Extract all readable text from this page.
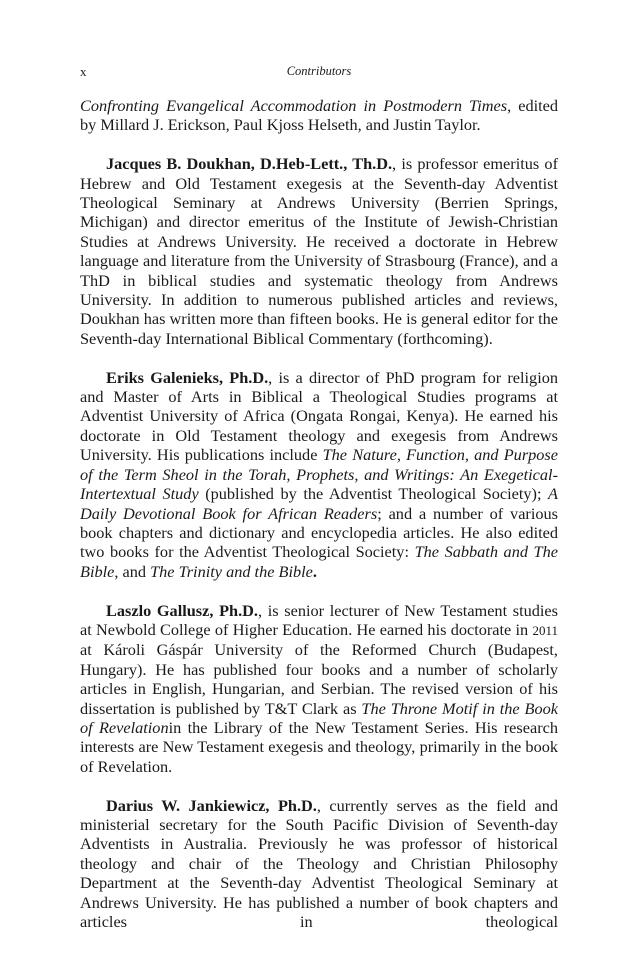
x	Contributors

Confronting Evangelical Accommodation in Postmodern Times, edited by Millard J. Erickson, Paul Kjoss Helseth, and Justin Taylor.

Jacques B. Doukhan, D.Heb-Lett., Th.D., is professor emeritus of Hebrew and Old Testament exegesis at the Seventh-day Adventist Theological Seminary at Andrews University (Berrien Springs, Michigan) and director emeritus of the Institute of Jewish-Christian Studies at Andrews University. He received a doctorate in Hebrew language and literature from the University of Strasbourg (France), and a ThD in biblical studies and systematic theology from Andrews University. In addition to numerous published articles and reviews, Doukhan has written more than fifteen books. He is general editor for the Seventh-day International Biblical Commentary (forthcoming).

Eriks Galenieks, Ph.D., is a director of PhD program for religion and Master of Arts in Biblical a Theological Studies programs at Adventist University of Africa (Ongata Rongai, Kenya). He earned his doctorate in Old Testament theology and exegesis from Andrews University. His publications include The Nature, Function, and Purpose of the Term Sheol in the Torah, Prophets, and Writings: An Exegetical-Intertextual Study (published by the Adventist Theological Society); A Daily Devotional Book for African Readers; and a number of various book chapters and dictionary and encyclopedia articles. He also edited two books for the Adventist Theological Society: The Sabbath and The Bible, and The Trinity and the Bible.

Laszlo Gallusz, Ph.D., is senior lecturer of New Testament studies at Newbold College of Higher Education. He earned his doctorate in 2011 at Károli Gáspár University of the Reformed Church (Budapest, Hungary). He has published four books and a number of scholarly articles in English, Hungarian, and Serbian. The revised version of his dissertation is published by T&T Clark as The Throne Motif in the Book of Revelationin the Library of the New Testament Series. His research interests are New Testament exegesis and theology, primarily in the book of Revelation.

Darius W. Jankiewicz, Ph.D., currently serves as the field and ministerial secretary for the South Pacific Division of Seventh-day Adventists in Australia. Previously he was professor of historical theology and chair of the Theology and Christian Philosophy Department at the Seventh-day Adventist Theological Seminary at Andrews University. He has published a number of book chapters and articles in theological
